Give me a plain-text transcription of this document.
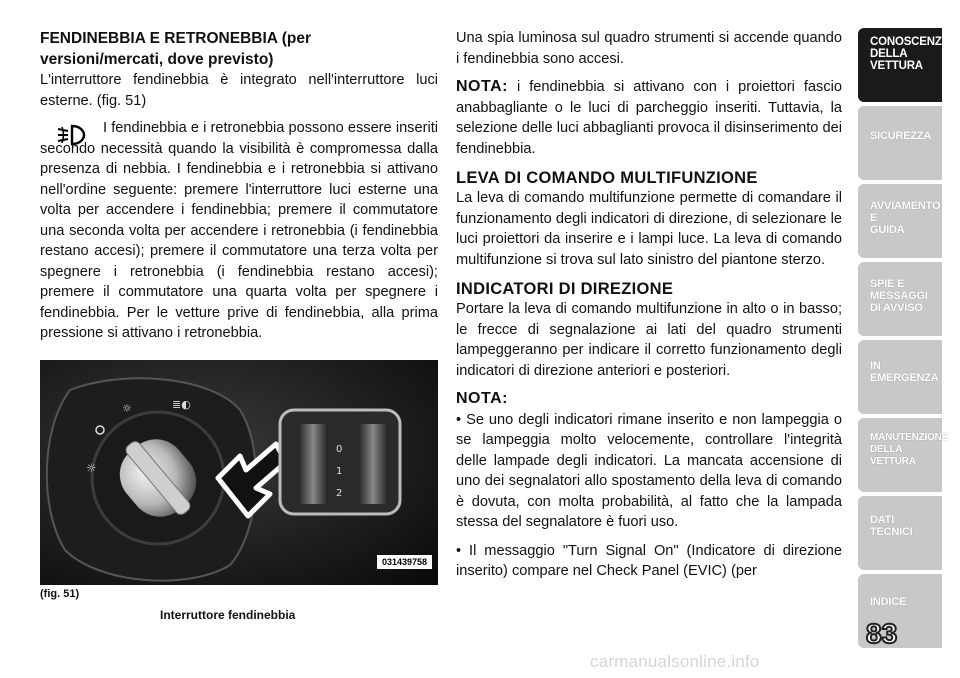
FENDINEBBIA E RETRONEBBIA (per

versioni/mercati, dove previsto)

L'interruttore fendinebbia è integrato nell'interruttore luci esterne. (fig. 51)

I fendinebbia e i retronebbia possono essere inseriti secondo necessità quando la visibilità è compromessa dalla presenza di nebbia. I fendinebbia e i retronebbia si attivano nell'ordine seguente: premere l'interruttore luci esterne una volta per accendere i fendinebbia; premere il commutatore una seconda volta per accendere i retronebbia (i fendinebbia restano accesi); premere il commutatore una terza volta per spegnere i retronebbia (i fendinebbia restano accesi); premere il commutatore una quarta volta per spegnere i fendinebbia. Per le vetture prive di fendinebbia, alla prima pressione si attivano i retronebbia.

☼	≣◐
☼
0
1
2
031439758
(fig. 51)
Interruttore fendinebbia

Una spia luminosa sul quadro strumenti si accende quando i fendinebbia sono accesi.

NOTA: i fendinebbia si attivano con i proiettori fascio anabbagliante o le luci di parcheggio inseriti. Tuttavia, la selezione delle luci abbaglianti provoca il disinserimento dei fendinebbia.

LEVA DI COMANDO MULTIFUNZIONE

La leva di comando multifunzione permette di comandare il funzionamento degli indicatori di direzione, di selezionare le luci proiettori da inserire e i lampi luce. La leva di comando multifunzione si trova sul lato sinistro del piantone sterzo.

INDICATORI DI DIREZIONE

Portare la leva di comando multifunzione in alto o in basso; le frecce di segnalazione ai lati del quadro strumenti lampeggeranno per indicare il corretto funzionamento degli indicatori di direzione anteriori e posteriori.

NOTA:

• Se uno degli indicatori rimane inserito e non lampeggia o se lampeggia molto velocemente, controllare l'integrità delle lampade degli indicatori. La mancata accensione di uno dei segnalatori allo spostamento della leva di comando è dovuta, con molta probabilità, al fatto che la lampada stessa del segnalatore è fuori uso.

• Il messaggio "Turn Signal On" (Indicatore di direzione inserito) compare nel Check Panel (EVIC) (per

CONOSCENZA
DELLA
VETTURA
SICUREZZA
AVVIAMENTO
E
GUIDA
SPIE E
MESSAGGI
DI AVVISO
IN
EMERGENZA
MANUTENZIONE
DELLA
VETTURA
DATI
TECNICI
INDICE
83
carmanualsonline.info
